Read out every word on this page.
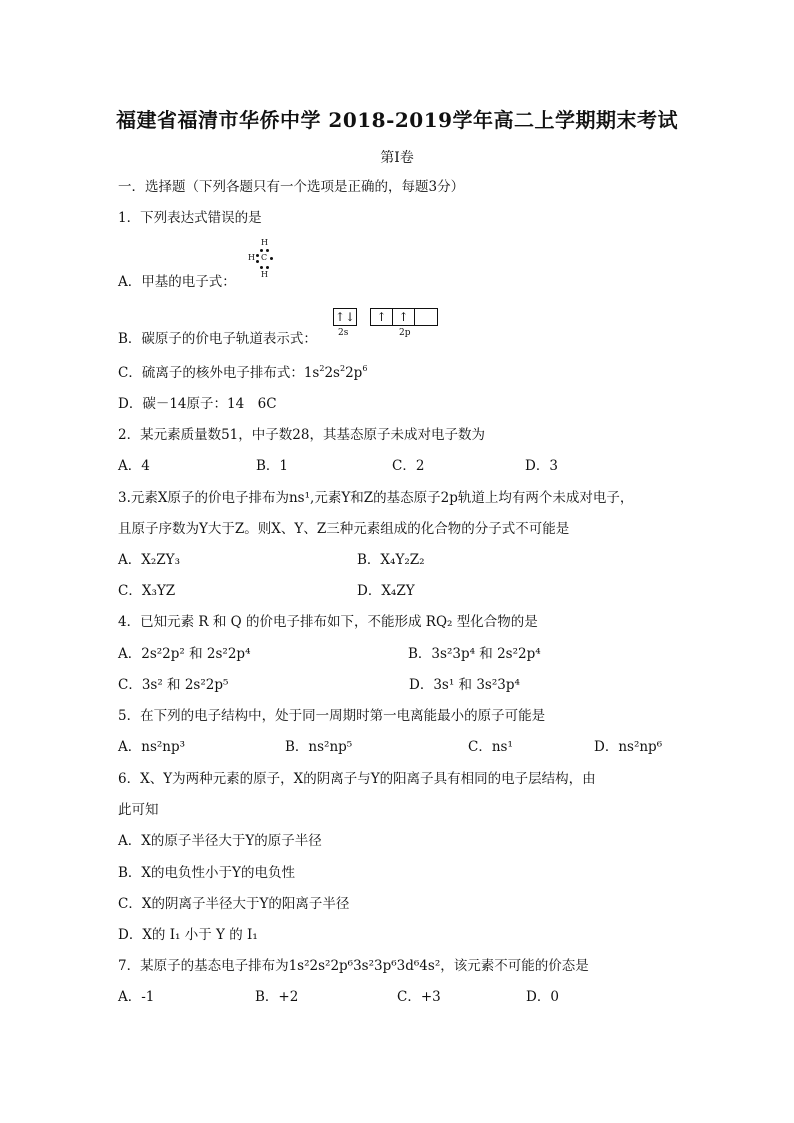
福建省福清市华侨中学 2018-2019学年高二上学期期末考试
第Ⅰ卷
一．选择题（下列各题只有一个选项是正确的，每题3分）
1．下列表达式错误的是
H
H C
H
A．甲基的电子式：
↑↓	↑ ↑
2s	2p
B．碳原子的价电子轨道表示式：
C．硫离子的核外电子排布式：$1s^22s^22p^6$
D．碳－14原子：14　6C
2．某元素质量数51，中子数28，其基态原子未成对电子数为
A．4	B．1	C．2	D．3
3.元素X原子的价电子排布为ns¹,元素Y和Z的基态原子2p轨道上均有两个未成对电子，
且原子序数为Y大于Z。则X、Y、Z三种元素组成的化合物的分子式不可能是
A．X₂ZY₃	B．X₄Y₂Z₂
C．X₃YZ	D．X₄ZY
4．已知元素 R 和 Q 的价电子排布如下，不能形成 RQ₂ 型化合物的是
A．2s²2p² 和 2s²2p⁴	B．3s²3p⁴ 和 2s²2p⁴
C．3s² 和 2s²2p⁵	D．3s¹ 和 3s²3p⁴
5．在下列的电子结构中，处于同一周期时第一电离能最小的原子可能是
A．ns²np³	B．ns²np⁵	C．ns¹	D．ns²np⁶
6．X、Y为两种元素的原子，X的阴离子与Y的阳离子具有相同的电子层结构，由
此可知
A．X的原子半径大于Y的原子半径
B．X的电负性小于Y的电负性
C．X的阴离子半径大于Y的阳离子半径
D．X的 I₁ 小于 Y 的 I₁
7．某原子的基态电子排布为1s²2s²2p⁶3s²3p⁶3d⁶4s²，该元素不可能的价态是
A．-1	B．+2	C．+3	D．0
